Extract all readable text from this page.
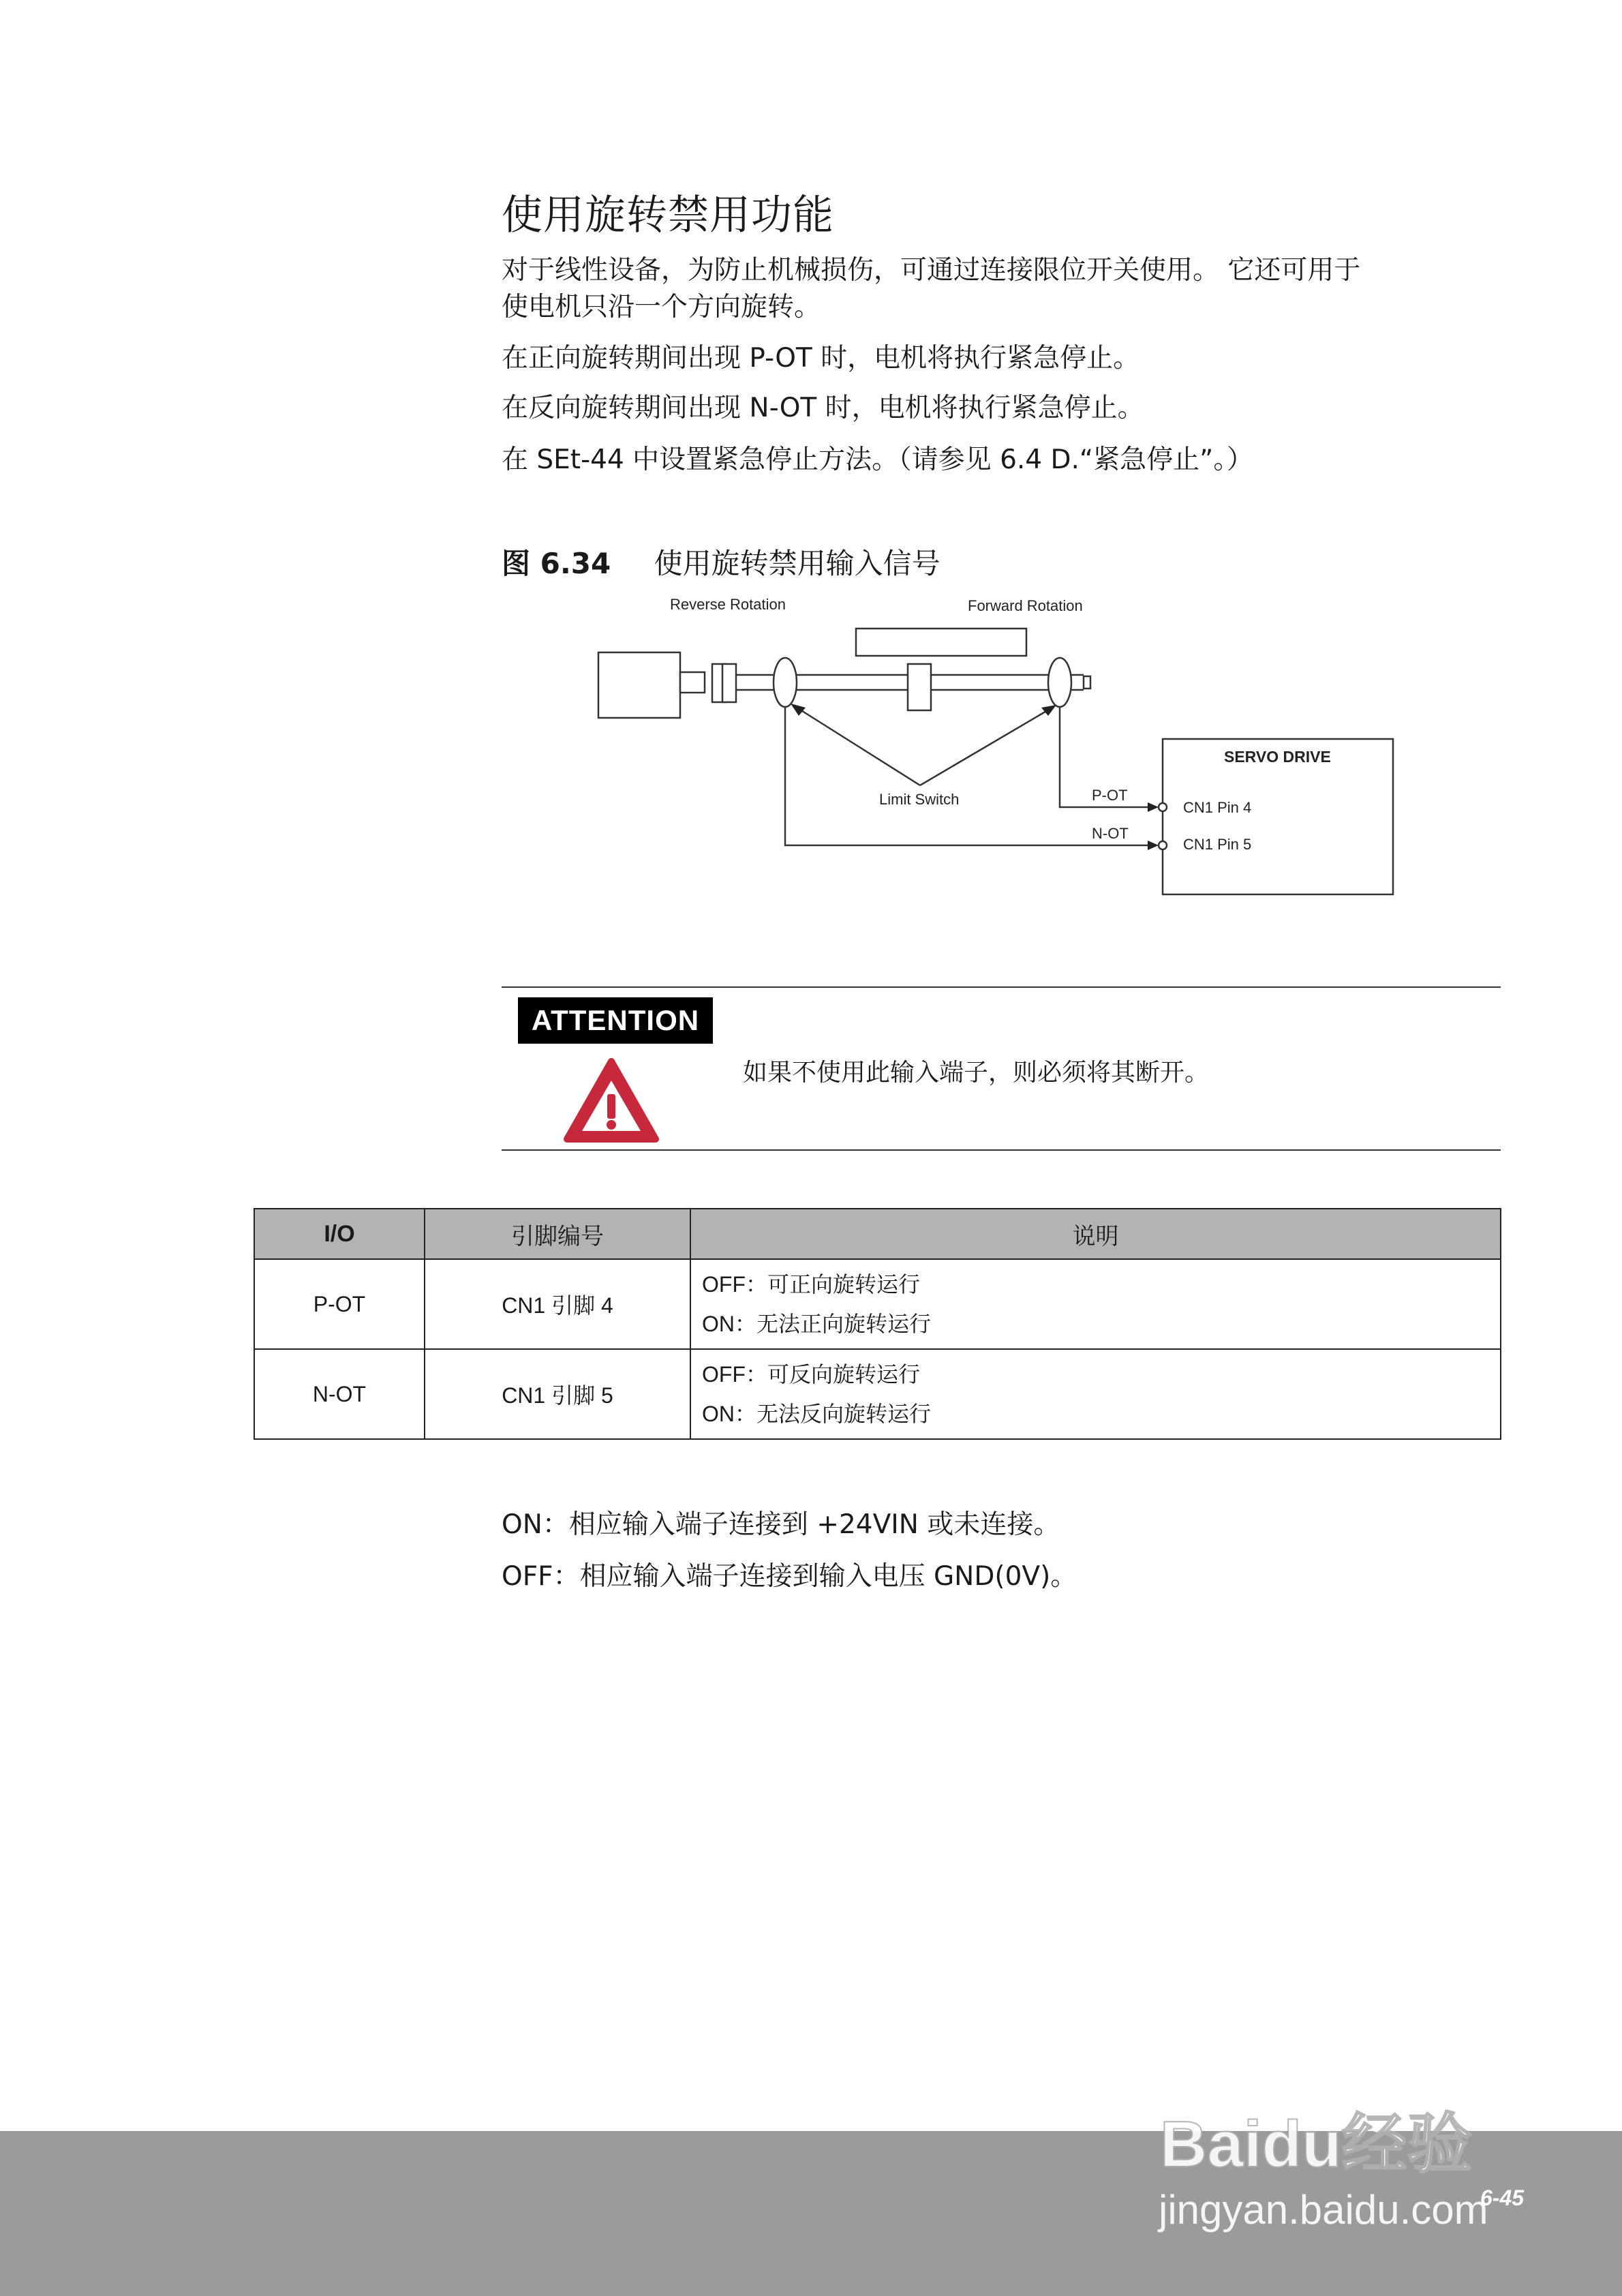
使用旋转禁用功能

对于线性设备，为防止机械损伤，可通过连接限位开关使用。 它还可用于

使电机只沿一个方向旋转。

在正向旋转期间出现 P-OT 时，电机将执行紧急停止。

在反向旋转期间出现 N-OT 时，电机将执行紧急停止。

在 SEt-44 中设置紧急停止方法。（请参见 6.4 D.“紧急停止”。）

图 6.34 使用旋转禁用输入信号
Reverse Rotation	Forward Rotation
Limit Switch	P-OT
N-OT
SERVO DRIVE
CN1 Pin 4
CN1 Pin 5
ATTENTION
如果不使用此输入端子，则必须将其断开。
I/O	引脚编号	说明
P-OT	CN1 引脚 4	OFF：可正向旋转运行
ON：无法正向旋转运行

N-OT	CN1 引脚 5	OFF：可反向旋转运行
ON：无法反向旋转运行

ON：相应输入端子连接到 +24VIN 或未连接。

OFF：相应输入端子连接到输入电压 GND(0V)。

Baidu经验
jingyan.baidu.com
6-45
